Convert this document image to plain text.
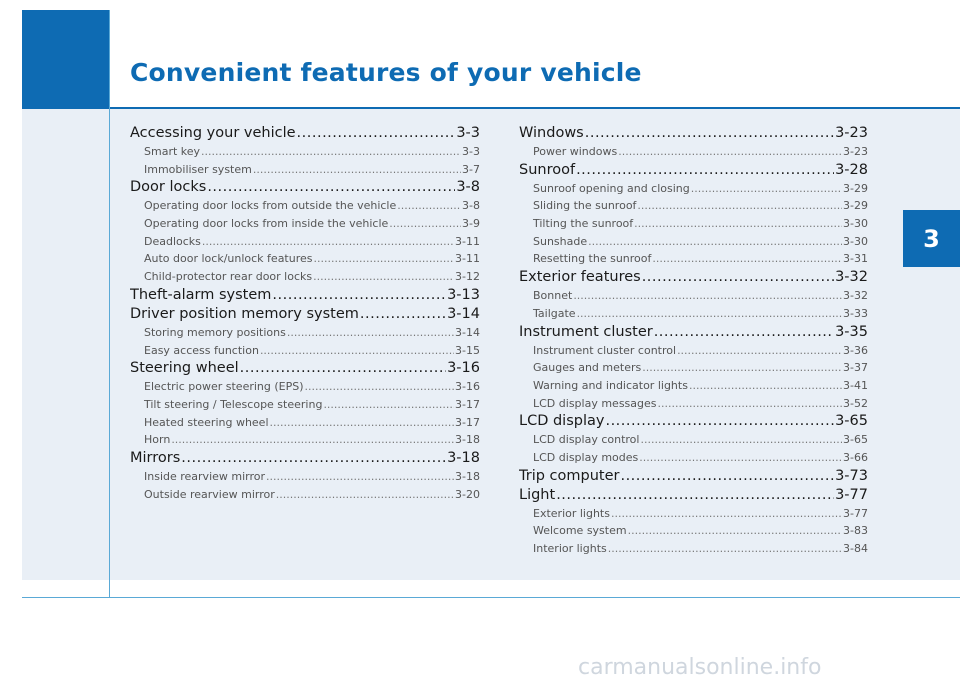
Convenient features of your vehicle
3
Accessing your vehicle .....	3-3
Smart key .....	3-3
Immobiliser system .....	3-7
Door locks .....	3-8
Operating door locks from outside the vehicle .....	3-8
Operating door locks from inside the vehicle .....	3-9
Deadlocks .....	3-11
Auto door lock/unlock features .....	3-11
Child-protector rear door locks .....	3-12
Theft-alarm system .....	3-13
Driver position memory system .....	3-14
Storing memory positions .....	3-14
Easy access function .....	3-15
Steering wheel .....	3-16
Electric power steering (EPS) .....	3-16
Tilt steering / Telescope steering .....	3-17
Heated steering wheel .....	3-17
Horn .....	3-18
Mirrors .....	3-18
Inside rearview mirror .....	3-18
Outside rearview mirror .....	3-20
Windows .....	3-23
Power windows .....	3-23
Sunroof .....	3-28
Sunroof opening and closing .....	3-29
Sliding the sunroof .....	3-29
Tilting the sunroof .....	3-30
Sunshade .....	3-30
Resetting the sunroof .....	3-31
Exterior features .....	3-32
Bonnet .....	3-32
Tailgate .....	3-33
Instrument cluster .....	3-35
Instrument cluster control .....	3-36
Gauges and meters .....	3-37
Warning and indicator lights .....	3-41
LCD display messages .....	3-52
LCD display .....	3-65
LCD display control .....	3-65
LCD display modes .....	3-66
Trip computer .....	3-73
Light .....	3-77
Exterior lights .....	3-77
Welcome system .....	3-83
Interior lights .....	3-84
carmanualsonline.info
